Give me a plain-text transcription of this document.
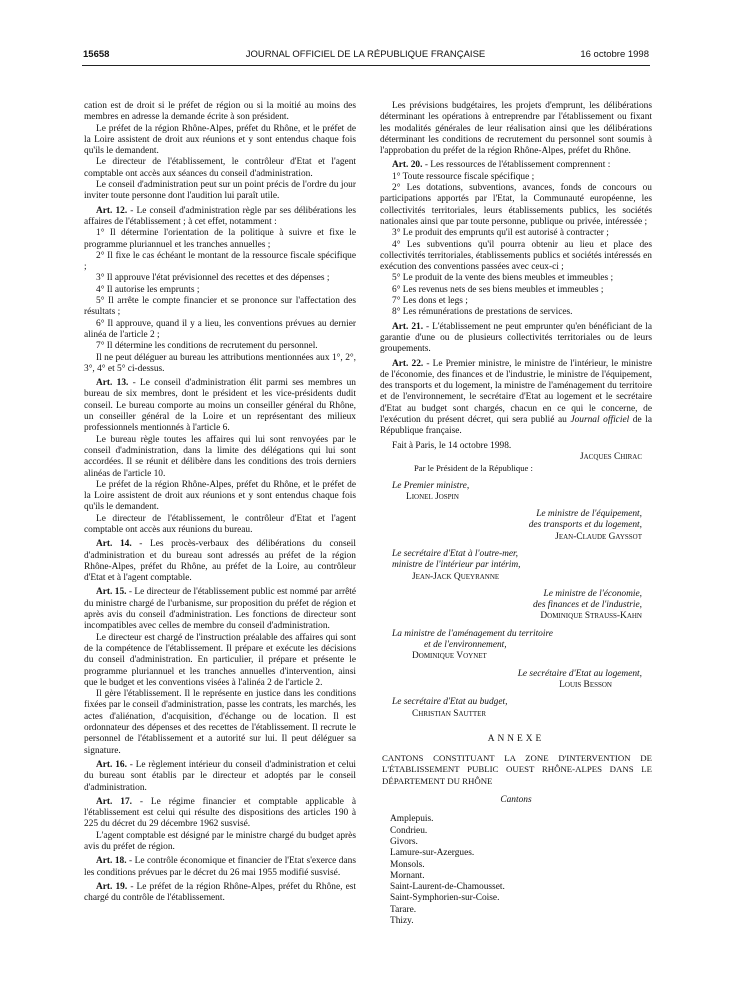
15658	JOURNAL OFFICIEL DE LA RÉPUBLIQUE FRANÇAISE	16 octobre 1998

cation est de droit si le préfet de région ou si la moitié au moins des membres en adresse la demande écrite à son président.

Le préfet de la région Rhône-Alpes, préfet du Rhône, et le préfet de la Loire assistent de droit aux réunions et y sont entendus chaque fois qu'ils le demandent.

Le directeur de l'établissement, le contrôleur d'Etat et l'agent comptable ont accès aux séances du conseil d'administration.

Le conseil d'administration peut sur un point précis de l'ordre du jour inviter toute personne dont l'audition lui paraît utile.

Art. 12. - Le conseil d'administration règle par ses délibérations les affaires de l'établissement ; à cet effet, notamment :

1° Il détermine l'orientation de la politique à suivre et fixe le programme pluriannuel et les tranches annuelles ;

2° Il fixe le cas échéant le montant de la ressource fiscale spécifique ;

3° Il approuve l'état prévisionnel des recettes et des dépenses ;

4° Il autorise les emprunts ;

5° Il arrête le compte financier et se prononce sur l'affectation des résultats ;

6° Il approuve, quand il y a lieu, les conventions prévues au dernier alinéa de l'article 2 ;

7° Il détermine les conditions de recrutement du personnel.

Il ne peut déléguer au bureau les attributions mentionnées aux 1°, 2°, 3°, 4° et 5° ci-dessus.

Art. 13. - Le conseil d'administration élit parmi ses membres un bureau de six membres, dont le président et les vice-présidents dudit conseil. Le bureau comporte au moins un conseiller général du Rhône, un conseiller général de la Loire et un représentant des milieux professionnels mentionnés à l'article 6.

Le bureau règle toutes les affaires qui lui sont renvoyées par le conseil d'administration, dans la limite des délégations qui lui sont accordées. Il se réunit et délibère dans les conditions des trois derniers alinéas de l'article 10.

Le préfet de la région Rhône-Alpes, préfet du Rhône, et le préfet de la Loire assistent de droit aux réunions et y sont entendus chaque fois qu'ils le demandent.

Le directeur de l'établissement, le contrôleur d'Etat et l'agent comptable ont accès aux réunions du bureau.

Art. 14. - Les procès-verbaux des délibérations du conseil d'administration et du bureau sont adressés au préfet de la région Rhône-Alpes, préfet du Rhône, au préfet de la Loire, au contrôleur d'Etat et à l'agent comptable.

Art. 15. - Le directeur de l'établissement public est nommé par arrêté du ministre chargé de l'urbanisme, sur proposition du préfet de région et après avis du conseil d'administration. Les fonctions de directeur sont incompatibles avec celles de membre du conseil d'administration.

Le directeur est chargé de l'instruction préalable des affaires qui sont de la compétence de l'établissement. Il prépare et exécute les décisions du conseil d'administration. En particulier, il prépare et présente le programme pluriannuel et les tranches annuelles d'intervention, ainsi que le budget et les conventions visées à l'alinéa 2 de l'article 2.

Il gère l'établissement. Il le représente en justice dans les conditions fixées par le conseil d'administration, passe les contrats, les marchés, les actes d'aliénation, d'acquisition, d'échange ou de location. Il est ordonnateur des dépenses et des recettes de l'établissement. Il recrute le personnel de l'établissement et a autorité sur lui. Il peut déléguer sa signature.

Art. 16. - Le règlement intérieur du conseil d'administration et celui du bureau sont établis par le directeur et adoptés par le conseil d'administration.

Art. 17. - Le régime financier et comptable applicable à l'établissement est celui qui résulte des dispositions des articles 190 à 225 du décret du 29 décembre 1962 susvisé.

L'agent comptable est désigné par le ministre chargé du budget après avis du préfet de région.

Art. 18. - Le contrôle économique et financier de l'Etat s'exerce dans les conditions prévues par le décret du 26 mai 1955 modifié susvisé.

Art. 19. - Le préfet de la région Rhône-Alpes, préfet du Rhône, est chargé du contrôle de l'établissement.

Les prévisions budgétaires, les projets d'emprunt, les délibérations déterminant les opérations à entreprendre par l'établissement ou fixant les modalités générales de leur réalisation ainsi que les délibérations déterminant les conditions de recrutement du personnel sont soumis à l'approbation du préfet de la région Rhône-Alpes, préfet du Rhône.

Art. 20. - Les ressources de l'établissement comprennent :

1° Toute ressource fiscale spécifique ;

2° Les dotations, subventions, avances, fonds de concours ou participations apportés par l'Etat, la Communauté européenne, les collectivités territoriales, leurs établissements publics, les sociétés nationales ainsi que par toute personne, publique ou privée, intéressée ;

3° Le produit des emprunts qu'il est autorisé à contracter ;

4° Les subventions qu'il pourra obtenir au lieu et place des collectivités territoriales, établissements publics et sociétés intéressés en exécution des conventions passées avec ceux-ci ;

5° Le produit de la vente des biens meubles et immeubles ;

6° Les revenus nets de ses biens meubles et immeubles ;

7° Les dons et legs ;

8° Les rémunérations de prestations de services.

Art. 21. - L'établissement ne peut emprunter qu'en bénéficiant de la garantie d'une ou de plusieurs collectivités territoriales ou de leurs groupements.

Art. 22. - Le Premier ministre, le ministre de l'intérieur, le ministre de l'économie, des finances et de l'industrie, le ministre de l'équipement, des transports et du logement, la ministre de l'aménagement du territoire et de l'environnement, le secrétaire d'Etat au logement et le secrétaire d'Etat au budget sont chargés, chacun en ce qui le concerne, de l'exécution du présent décret, qui sera publié au Journal officiel de la République française.

Fait à Paris, le 14 octobre 1998.

Jacques Chirac

Par le Président de la République :

Le Premier ministre,

Lionel Jospin

Le ministre de l'équipement,

des transports et du logement,

Jean-Claude Gayssot

Le secrétaire d'Etat à l'outre-mer,

ministre de l'intérieur par intérim,

Jean-Jack Queyranne

Le ministre de l'économie,

des finances et de l'industrie,

Dominique Strauss-Kahn

La ministre de l'aménagement du territoire

et de l'environnement,

Dominique Voynet

Le secrétaire d'Etat au logement,

Louis Besson

Le secrétaire d'Etat au budget,

Christian Sautter

ANNEXE

CANTONS CONSTITUANT LA ZONE D'INTERVENTION DE L'ÉTABLISSEMENT PUBLIC OUEST RHÔNE-ALPES DANS LE DÉPARTEMENT DU RHÔNE

Cantons

Amplepuis.

Condrieu.

Givors.

Lamure-sur-Azergues.

Monsols.

Mornant.

Saint-Laurent-de-Chamousset.

Saint-Symphorien-sur-Coise.

Tarare.

Thizy.
